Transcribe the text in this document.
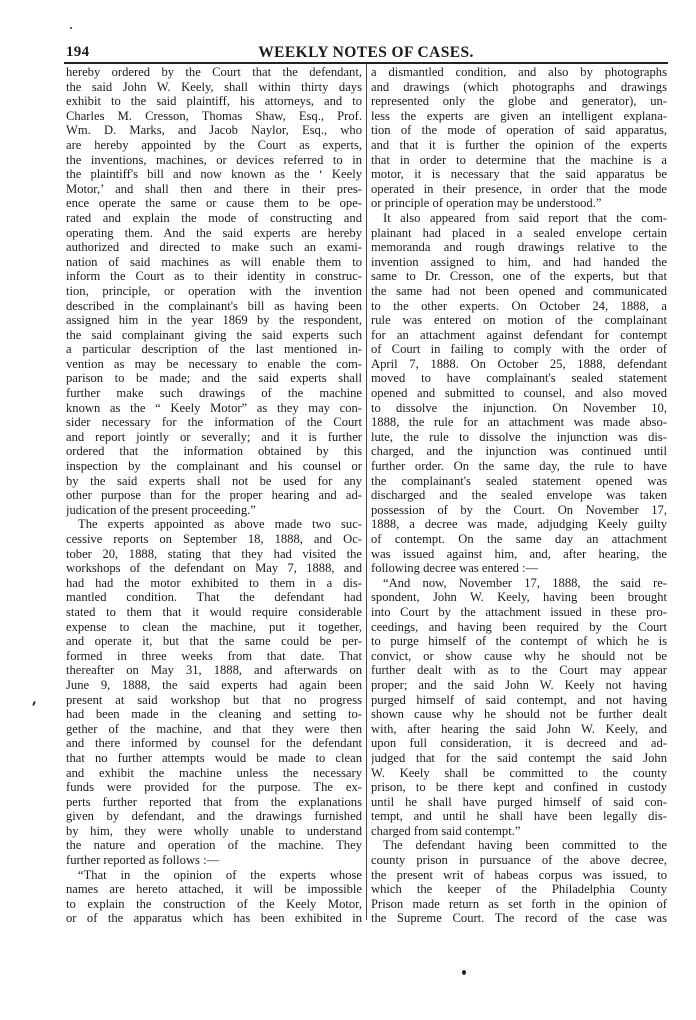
194	WEEKLY NOTES OF CASES.
hereby ordered by the Court that the defendant,
the said John W. Keely, shall within thirty days
exhibit to the said plaintiff, his attorneys, and to
Charles M. Cresson, Thomas Shaw, Esq., Prof.
Wm. D. Marks, and Jacob Naylor, Esq., who
are hereby appointed by the Court as experts,
the inventions, machines, or devices referred to in
the plaintiff's bill and now known as the ‘ Keely
Motor,’ and shall then and there in their pres-
ence operate the same or cause them to be ope-
rated and explain the mode of constructing and
operating them. And the said experts are hereby
authorized and directed to make such an exami-
nation of said machines as will enable them to
inform the Court as to their identity in construc-
tion, principle, or operation with the invention
described in the complainant's bill as having been
assigned him in the year 1869 by the respondent,
the said complainant giving the said experts such
a particular description of the last mentioned in-
vention as may be necessary to enable the com-
parison to be made; and the said experts shall
further make such drawings of the machine
known as the “ Keely Motor” as they may con-
sider necessary for the information of the Court
and report jointly or severally; and it is further
ordered that the information obtained by this
inspection by the complainant and his counsel or
by the said experts shall not be used for any
other purpose than for the proper hearing and ad-
judication of the present proceeding.”
The experts appointed as above made two suc-
cessive reports on September 18, 1888, and Oc-
tober 20, 1888, stating that they had visited the
workshops of the defendant on May 7, 1888, and
had had the motor exhibited to them in a dis-
mantled condition. That the defendant had
stated to them that it would require considerable
expense to clean the machine, put it together,
and operate it, but that the same could be per-
formed in three weeks from that date. That
thereafter on May 31, 1888, and afterwards on
June 9, 1888, the said experts had again been
present at said workshop but that no progress
had been made in the cleaning and setting to-
gether of the machine, and that they were then
and there informed by counsel for the defendant
that no further attempts would be made to clean
and exhibit the machine unless the necessary
funds were provided for the purpose. The ex-
perts further reported that from the explanations
given by defendant, and the drawings furnished
by him, they were wholly unable to understand
the nature and operation of the machine. They
further reported as follows :—
“That in the opinion of the experts whose
names are hereto attached, it will be impossible
to explain the construction of the Keely Motor,
or of the apparatus which has been exhibited in
a dismantled condition, and also by photographs
and drawings (which photographs and drawings
represented only the globe and generator), un-
less the experts are given an intelligent explana-
tion of the mode of operation of said apparatus,
and that it is further the opinion of the experts
that in order to determine that the machine is a
motor, it is necessary that the said apparatus be
operated in their presence, in order that the mode
or principle of operation may be understood.”
It also appeared from said report that the com-
plainant had placed in a sealed envelope certain
memoranda and rough drawings relative to the
invention assigned to him, and had handed the
same to Dr. Cresson, one of the experts, but that
the same had not been opened and communicated
to the other experts. On October 24, 1888, a
rule was entered on motion of the complainant
for an attachment against defendant for contempt
of Court in failing to comply with the order of
April 7, 1888. On October 25, 1888, defendant
moved to have complainant's sealed statement
opened and submitted to counsel, and also moved
to dissolve the injunction. On November 10,
1888, the rule for an attachment was made abso-
lute, the rule to dissolve the injunction was dis-
charged, and the injunction was continued until
further order. On the same day, the rule to have
the complainant's sealed statement opened was
discharged and the sealed envelope was taken
possession of by the Court. On November 17,
1888, a decree was made, adjudging Keely guilty
of contempt. On the same day an attachment
was issued against him, and, after hearing, the
following decree was entered :—
“And now, November 17, 1888, the said re-
spondent, John W. Keely, having been brought
into Court by the attachment issued in these pro-
ceedings, and having been required by the Court
to purge himself of the contempt of which he is
convict, or show cause why he should not be
further dealt with as to the Court may appear
proper; and the said John W. Keely not having
purged himself of said contempt, and not having
shown cause why he should not be further dealt
with, after hearing the said John W. Keely, and
upon full consideration, it is decreed and ad-
judged that for the said contempt the said John
W. Keely shall be committed to the county
prison, to be there kept and confined in custody
until he shall have purged himself of said con-
tempt, and until he shall have been legally dis-
charged from said contempt.”
The defendant having been committed to the
county prison in pursuance of the above decree,
the present writ of habeas corpus was issued, to
which the keeper of the Philadelphia County
Prison made return as set forth in the opinion of
the Supreme Court. The record of the case was
